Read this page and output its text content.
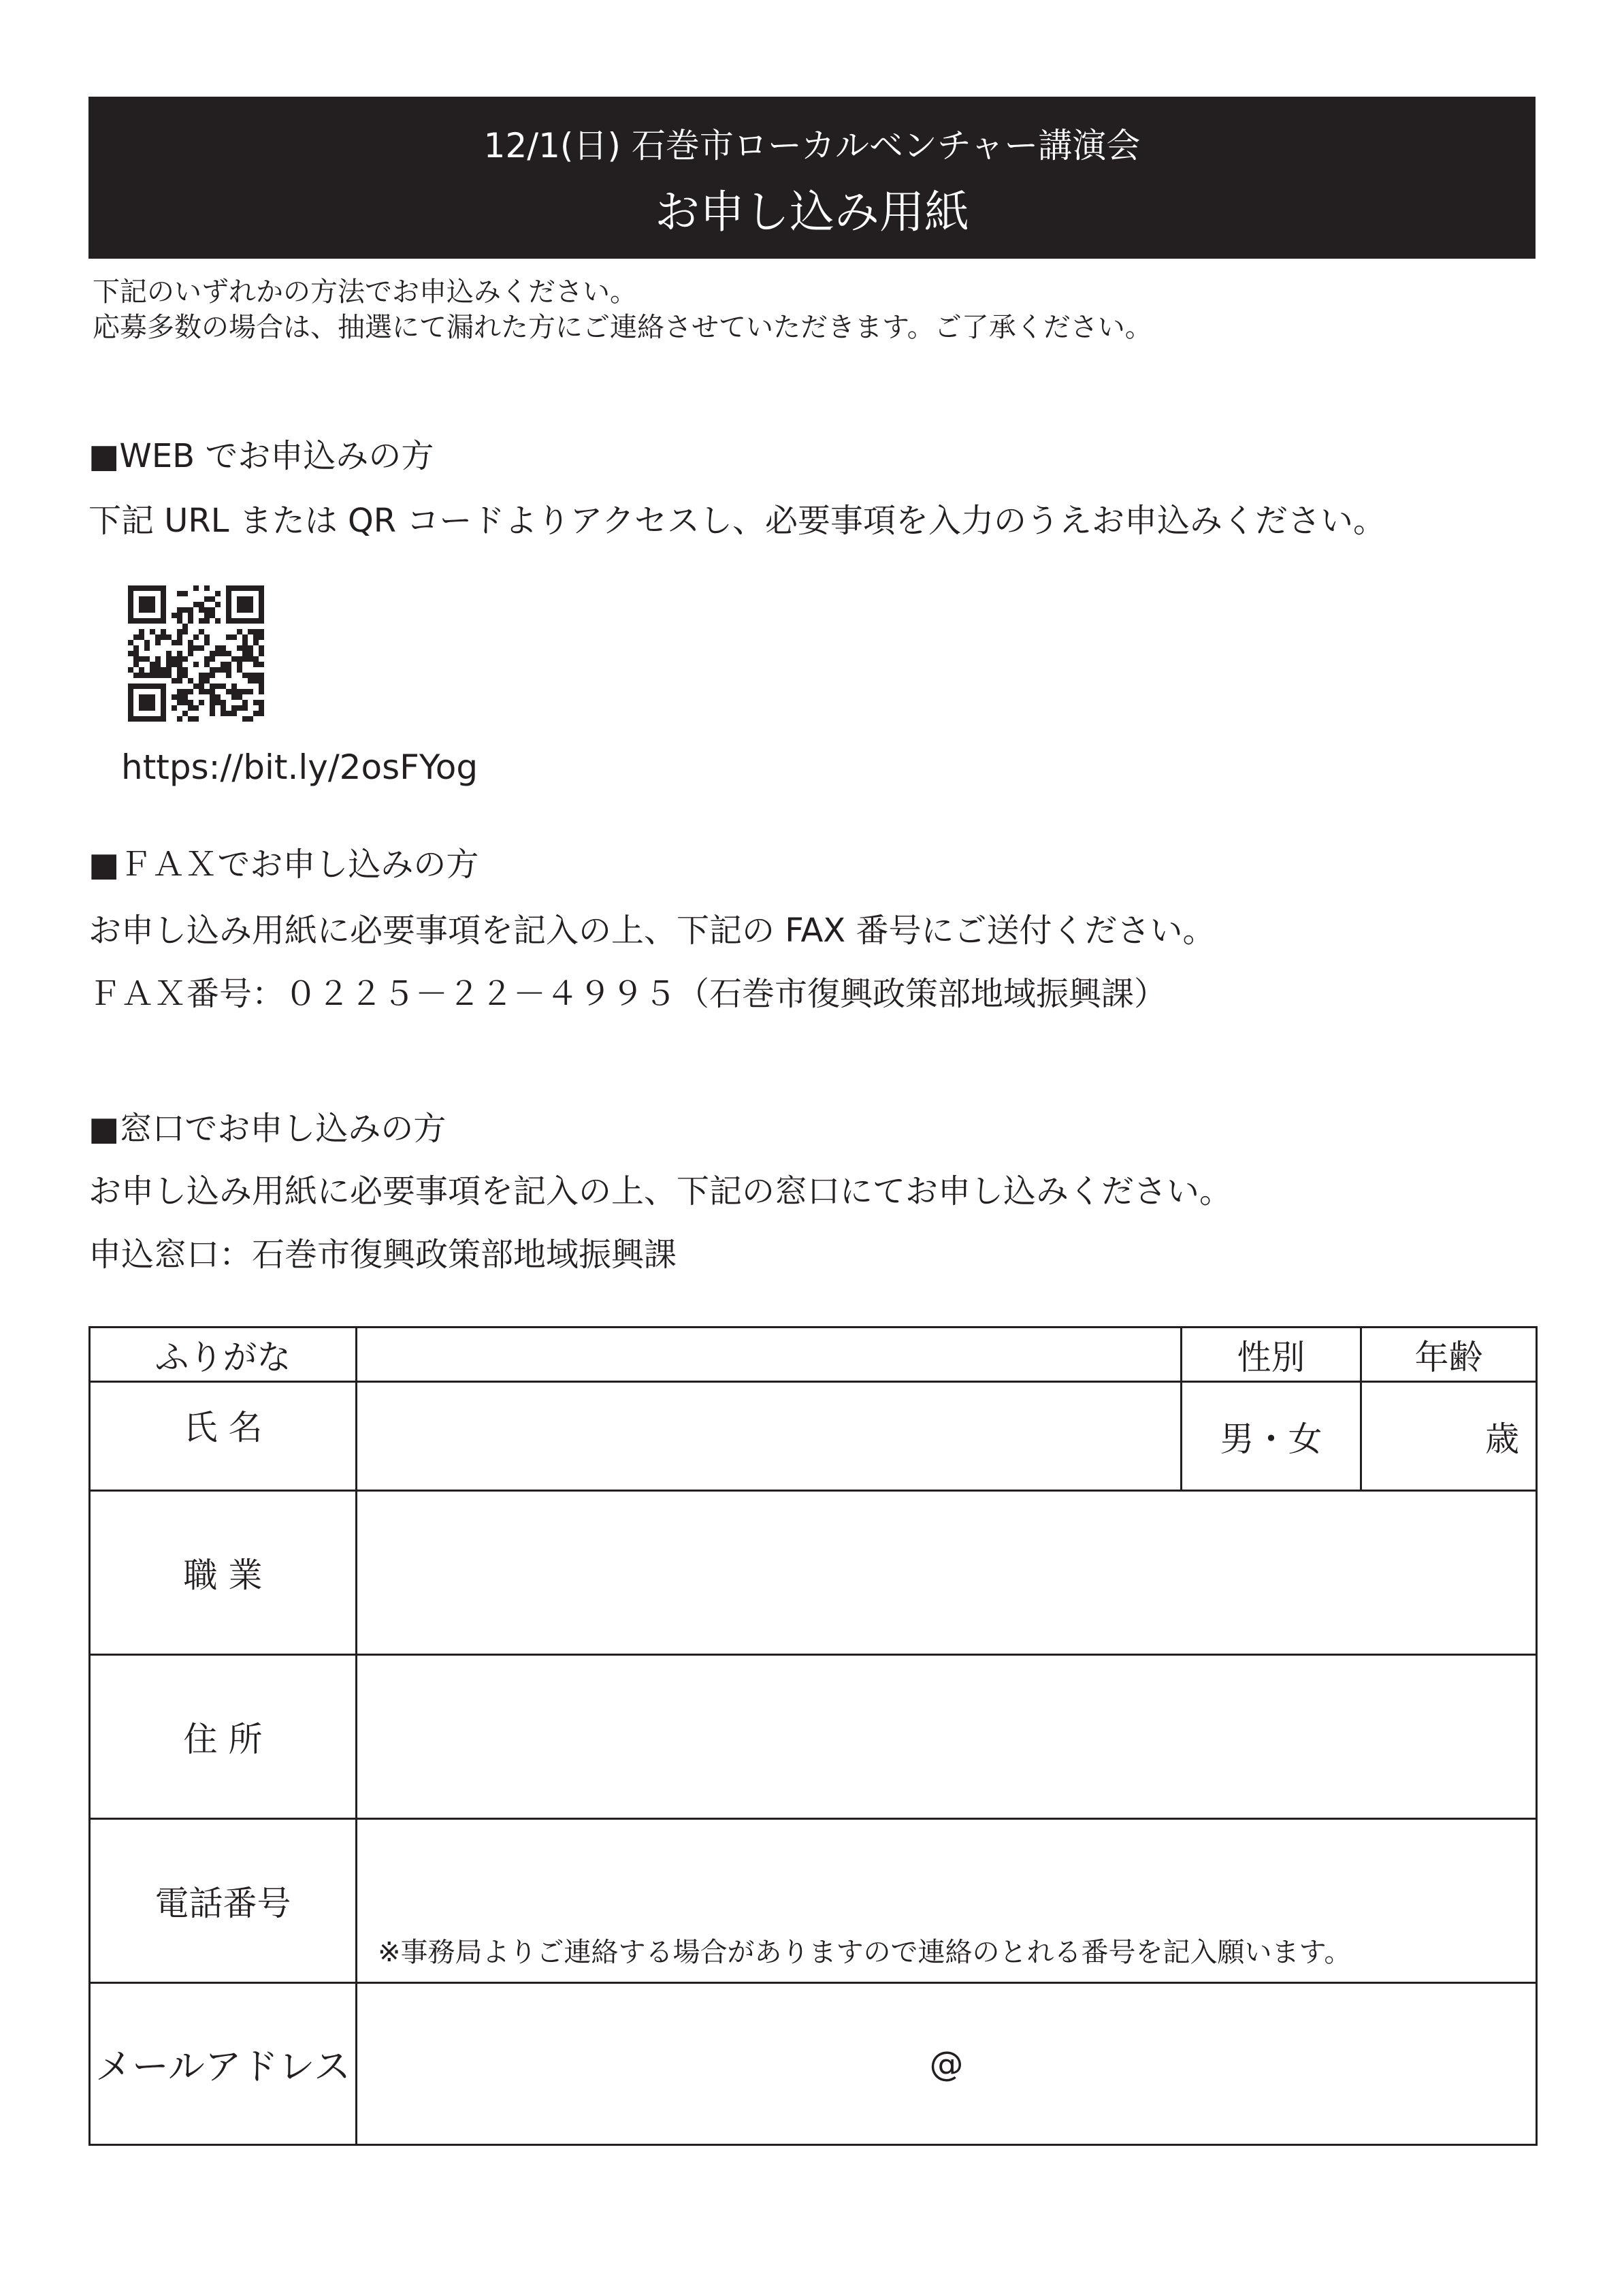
12/1(日) 石巻市ローカルベンチャー講演会
お申し込み用紙
下記のいずれかの方法でお申込みください。
応募多数の場合は、抽選にて漏れた方にご連絡させていただきます。ご了承ください。
■WEB でお申込みの方
下記 URL または QR コードよりアクセスし、必要事項を入力のうえお申込みください。
https://bit.ly/2osFYog
■ＦＡＸでお申し込みの方
お申し込み用紙に必要事項を記入の上、下記の FAX 番号にご送付ください。
ＦＡＸ番号：０２２５－２２－４９９５（石巻市復興政策部地域振興課）
■窓口でお申し込みの方
お申し込み用紙に必要事項を記入の上、下記の窓口にてお申し込みください。
申込窓口：石巻市復興政策部地域振興課
ふりがな		性別	年齢
氏 名		男・女	歳
職 業			
住 所			
電話番号	※事務局よりご連絡する場合がありますので連絡のとれる番号を記入願います。		
メールアドレス	@		
